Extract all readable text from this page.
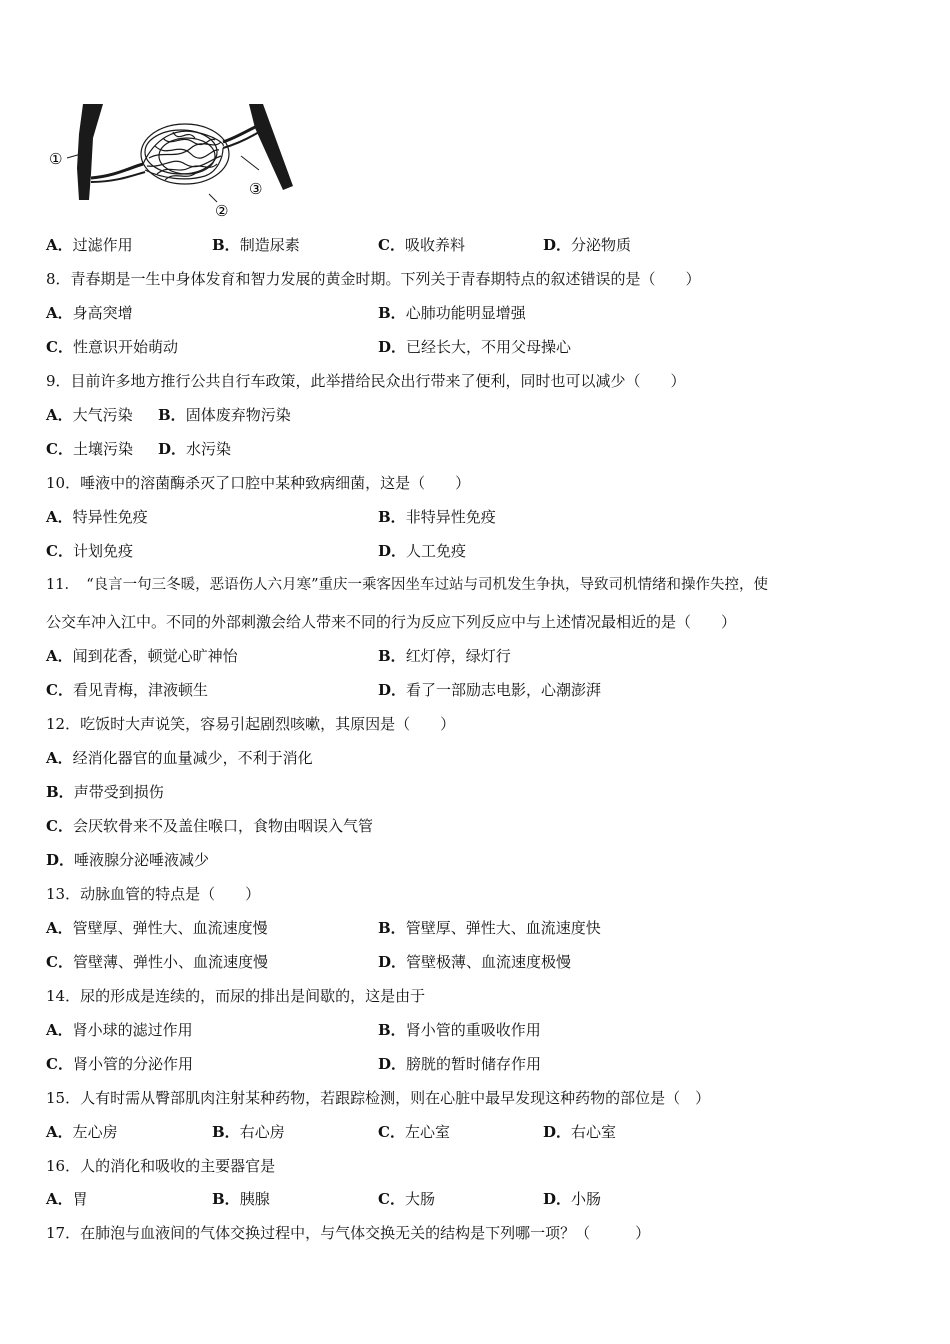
①
②
③
A．过滤作用	B．制造尿素	C．吸收养料	D．分泌物质
8．青春期是一生中身体发育和智力发展的黄金时期。下列关于青春期特点的叙述错误的是（　　）
A．身高突增	B．心肺功能明显增强
C．性意识开始萌动	D．已经长大，不用父母操心
9．目前许多地方推行公共自行车政策，此举措给民众出行带来了便利，同时也可以减少（　　）
A．大气污染 B．固体废弃物污染
C．土壤污染 D．水污染
10．唾液中的溶菌酶杀灭了口腔中某种致病细菌，这是（　　）
A．特异性免疫	B．非特异性免疫
C．计划免疫	D．人工免疫
11．　“良言一句三冬暖，恶语伤人六月寒”重庆一乘客因坐车过站与司机发生争执，导致司机情绪和操作失控，使
公交车冲入江中。不同的外部刺激会给人带来不同的行为反应下列反应中与上述情况最相近的是（　　）
A．闻到花香，顿觉心旷神怡	B．红灯停，绿灯行
C．看见青梅，津液顿生	D．看了一部励志电影，心潮澎湃
12．吃饭时大声说笑，容易引起剧烈咳嗽，其原因是（　　）
A．经消化器官的血量减少，不利于消化
B．声带受到损伤
C．会厌软骨来不及盖住喉口，食物由咽误入气管
D．唾液腺分泌唾液减少
13．动脉血管的特点是（　　）
A．管壁厚、弹性大、血流速度慢	B．管壁厚、弹性大、血流速度快
C．管壁薄、弹性小、血流速度慢	D．管壁极薄、血流速度极慢
14．尿的形成是连续的，而尿的排出是间歇的，这是由于
A．肾小球的滤过作用	B．肾小管的重吸收作用
C．肾小管的分泌作用	D．膀胱的暂时储存作用
15．人有时需从臀部肌肉注射某种药物，若跟踪检测，则在心脏中最早发现这种药物的部位是（　）
A．左心房	B．右心房	C．左心室	D．右心室
16．人的消化和吸收的主要器官是
A．胃	B．胰腺	C．大肠	D．小肠
17．在肺泡与血液间的气体交换过程中，与气体交换无关的结构是下列哪一项？（　　　）
